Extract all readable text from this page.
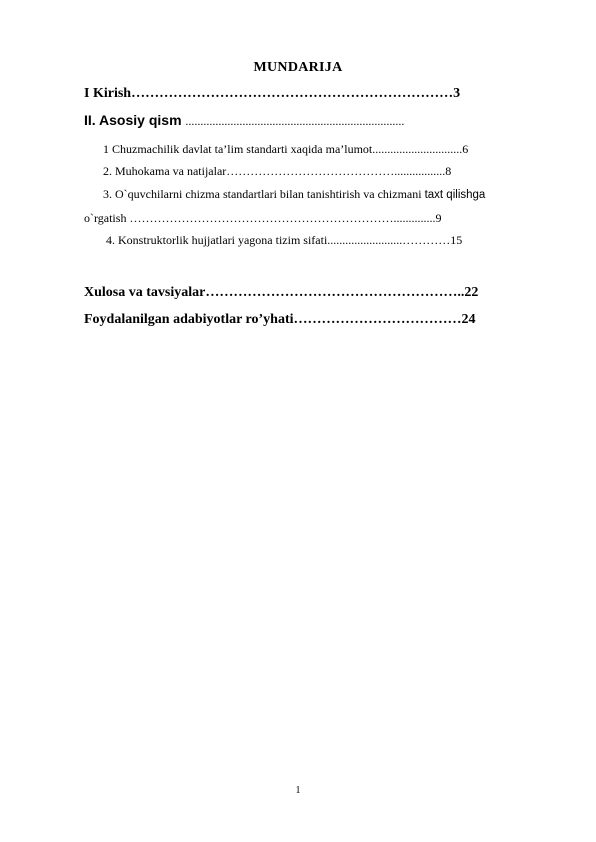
MUNDARIJA
I Kirish……………………………………………………………3
II. Asosiy qism .........................................................................
1 Chuzmachilik davlat ta’lim standarti xaqida ma’lumot..............................6
2. Muhokama va natijalar…………………………………….................8
3. O`quvchilarni chizma standartlari bilan tanishtirish va chizmani taxt qilishga
o`rgatish …………………………………………………………..............9
4. Konstruktorlik hujjatlari yagona tizim sifati.........................…………15
Xulosa va tavsiyalar………………………………………………..22
Foydalanilgan adabiyotlar ro’yhati………………………………24
1
